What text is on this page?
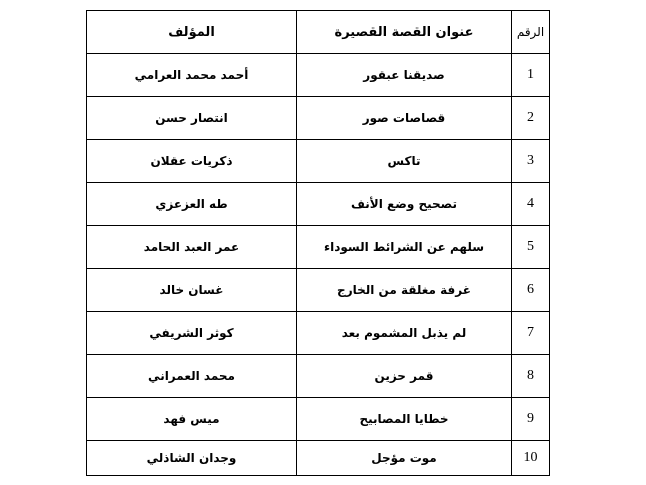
المؤلف	عنوان القصة القصيرة	الرقم
أحمد محمد العرامي	صديقنا عبقور	1
انتصار حسن	قصاصات صور	2
ذكريات عقلان	تاكس	3
طه العزعزي	تصحيح وضع الأنف	4
عمر العبد الحامد	سلهم عن الشرائط السوداء	5
غسان خالد	غرفة مغلقة من الخارج	6
كوثر الشريفي	لم يذبل المشموم بعد	7
محمد العمراني	قمر حزين	8
ميس فهد	خطايا المصابيح	9
وجدان الشاذلي	موت مؤجل	10
